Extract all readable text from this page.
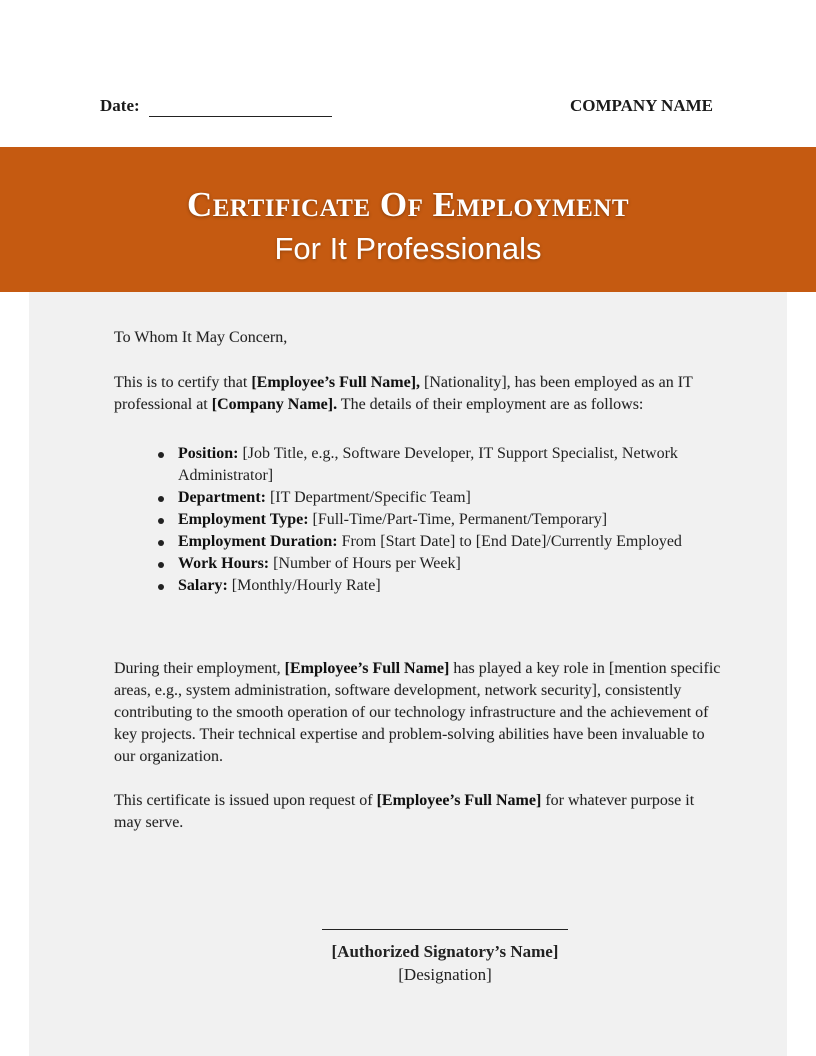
Date:	COMPANY NAME
Certificate Of Employment
For It Professionals
To Whom It May Concern,
This is to certify that [Employee’s Full Name], [Nationality], has been employed as an IT professional at [Company Name]. The details of their employment are as follows:
Position: [Job Title, e.g., Software Developer, IT Support Specialist, Network Administrator]
Department: [IT Department/Specific Team]
Employment Type: [Full-Time/Part-Time, Permanent/Temporary]
Employment Duration: From [Start Date] to [End Date]/Currently Employed
Work Hours: [Number of Hours per Week]
Salary: [Monthly/Hourly Rate]
During their employment, [Employee’s Full Name] has played a key role in [mention specific areas, e.g., system administration, software development, network security], consistently contributing to the smooth operation of our technology infrastructure and the achievement of key projects. Their technical expertise and problem-solving abilities have been invaluable to our organization.
This certificate is issued upon request of [Employee’s Full Name] for whatever purpose it may serve.
[Authorized Signatory’s Name]
[Designation]
